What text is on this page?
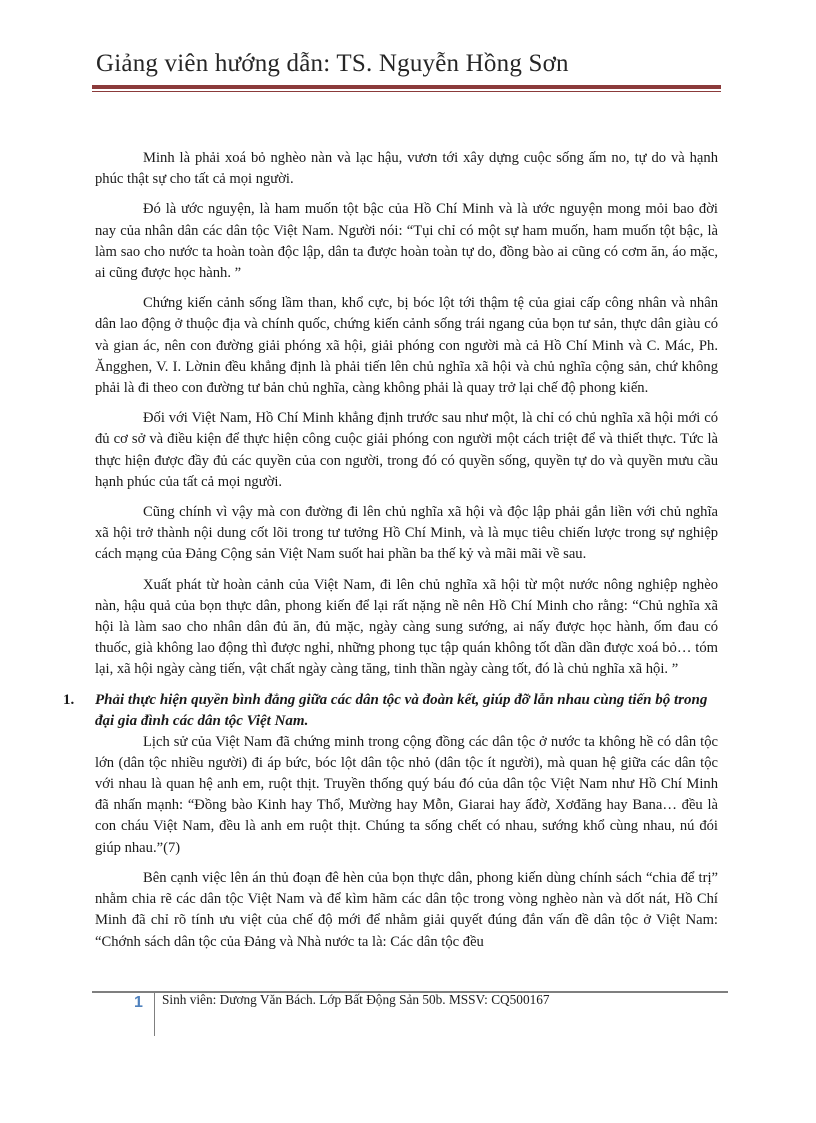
Giảng viên hướng dẫn: TS. Nguyễn Hồng Sơn

Minh là phải xoá bỏ nghèo nàn và lạc hậu, vươn tới xây dựng cuộc sống ấm no, tự do và hạnh phúc thật sự cho tất cả mọi người.

Đó là ước nguyện, là ham muốn tột bậc của Hồ Chí Minh và là ước nguyện mong mỏi bao đời nay của nhân dân các dân tộc Việt Nam. Người nói: “Tụi chỉ có một sự ham muốn, ham muốn tột bậc, là làm sao cho nước ta hoàn toàn độc lập, dân ta được hoàn toàn tự do, đồng bào ai cũng có cơm ăn, áo mặc, ai cũng được học hành. ”

Chứng kiến cảnh sống lầm than, khổ cực, bị bóc lột tới thậm tệ của giai cấp công nhân và nhân dân lao động ở thuộc địa và chính quốc, chứng kiến cảnh sống trái ngang của bọn tư sản, thực dân giàu có và gian ác, nên con đường giải phóng xã hội, giải phóng con người mà cả Hồ Chí Minh và C. Mác, Ph. Ăngghen, V. I. Lờnin đều khẳng định là phải tiến lên chủ nghĩa xã hội và chủ nghĩa cộng sản, chứ không phải là đi theo con đường tư bản chủ nghĩa, càng không phải là quay trở lại chế độ phong kiến.

Đối với Việt Nam, Hồ Chí Minh khẳng định trước sau như một, là chỉ có chủ nghĩa xã hội mới có đủ cơ sở và điều kiện để thực hiện công cuộc giải phóng con người một cách triệt để và thiết thực. Tức là thực hiện được đầy đủ các quyền của con người, trong đó có quyền sống, quyền tự do và quyền mưu cầu hạnh phúc của tất cả mọi người.

Cũng chính vì vậy mà con đường đi lên chủ nghĩa xã hội và độc lập phải gắn liền với chủ nghĩa xã hội trở thành nội dung cốt lõi trong tư tưởng Hồ Chí Minh, và là mục tiêu chiến lược trong sự nghiệp cách mạng của Đảng Cộng sản Việt Nam suốt hai phần ba thế kỷ và mãi mãi về sau.

Xuất phát từ hoàn cảnh của Việt Nam, đi lên chủ nghĩa xã hội từ một nước nông nghiệp nghèo nàn, hậu quả của bọn thực dân, phong kiến để lại rất nặng nề nên Hồ Chí Minh cho rằng: “Chủ nghĩa xã hội là làm sao cho nhân dân đủ ăn, đủ mặc, ngày càng sung sướng, ai nấy được học hành, ốm đau có thuốc, già không lao động thì được nghỉ, những phong tục tập quán không tốt dần dần được xoá bỏ… tóm lại, xã hội ngày càng tiến, vật chất ngày càng tăng, tinh thần ngày càng tốt, đó là chủ nghĩa xã hội. ”

1. Phải thực hiện quyền bình đẳng giữa các dân tộc và đoàn kết, giúp đỡ lẫn nhau cùng tiến bộ trong đại gia đình các dân tộc Việt Nam.

Lịch sử của Việt Nam đã chứng minh trong cộng đồng các dân tộc ở nước ta không hề có dân tộc lớn (dân tộc nhiều người) đi áp bức, bóc lột dân tộc nhỏ (dân tộc ít người), mà quan hệ giữa các dân tộc với nhau là quan hệ anh em, ruột thịt. Truyền thống quý báu đó của dân tộc Việt Nam như Hồ Chí Minh đã nhấn mạnh: “Đồng bào Kinh hay Thổ, Mường hay Mỗn, Giarai hay ấđờ, Xơđăng hay Bana… đều là con cháu Việt Nam, đều là anh em ruột thịt. Chúng ta sống chết có nhau, sướng khổ cùng nhau, nú đói giúp nhau.”(7)

Bên cạnh việc lên án thủ đoạn đê hèn của bọn thực dân, phong kiến dùng chính sách “chia để trị” nhằm chia rẽ các dân tộc Việt Nam và để kìm hãm các dân tộc trong vòng nghèo nàn và dốt nát, Hồ Chí Minh đã chỉ rõ tính ưu việt của chế độ mới để nhằm giải quyết đúng đắn vấn đề dân tộc ở Việt Nam: “Chớnh sách dân tộc của Đảng và Nhà nước ta là: Các dân tộc đều

1 Sinh viên: Dương Văn Bách. Lớp Bất Động Sản 50b. MSSV: CQ500167
